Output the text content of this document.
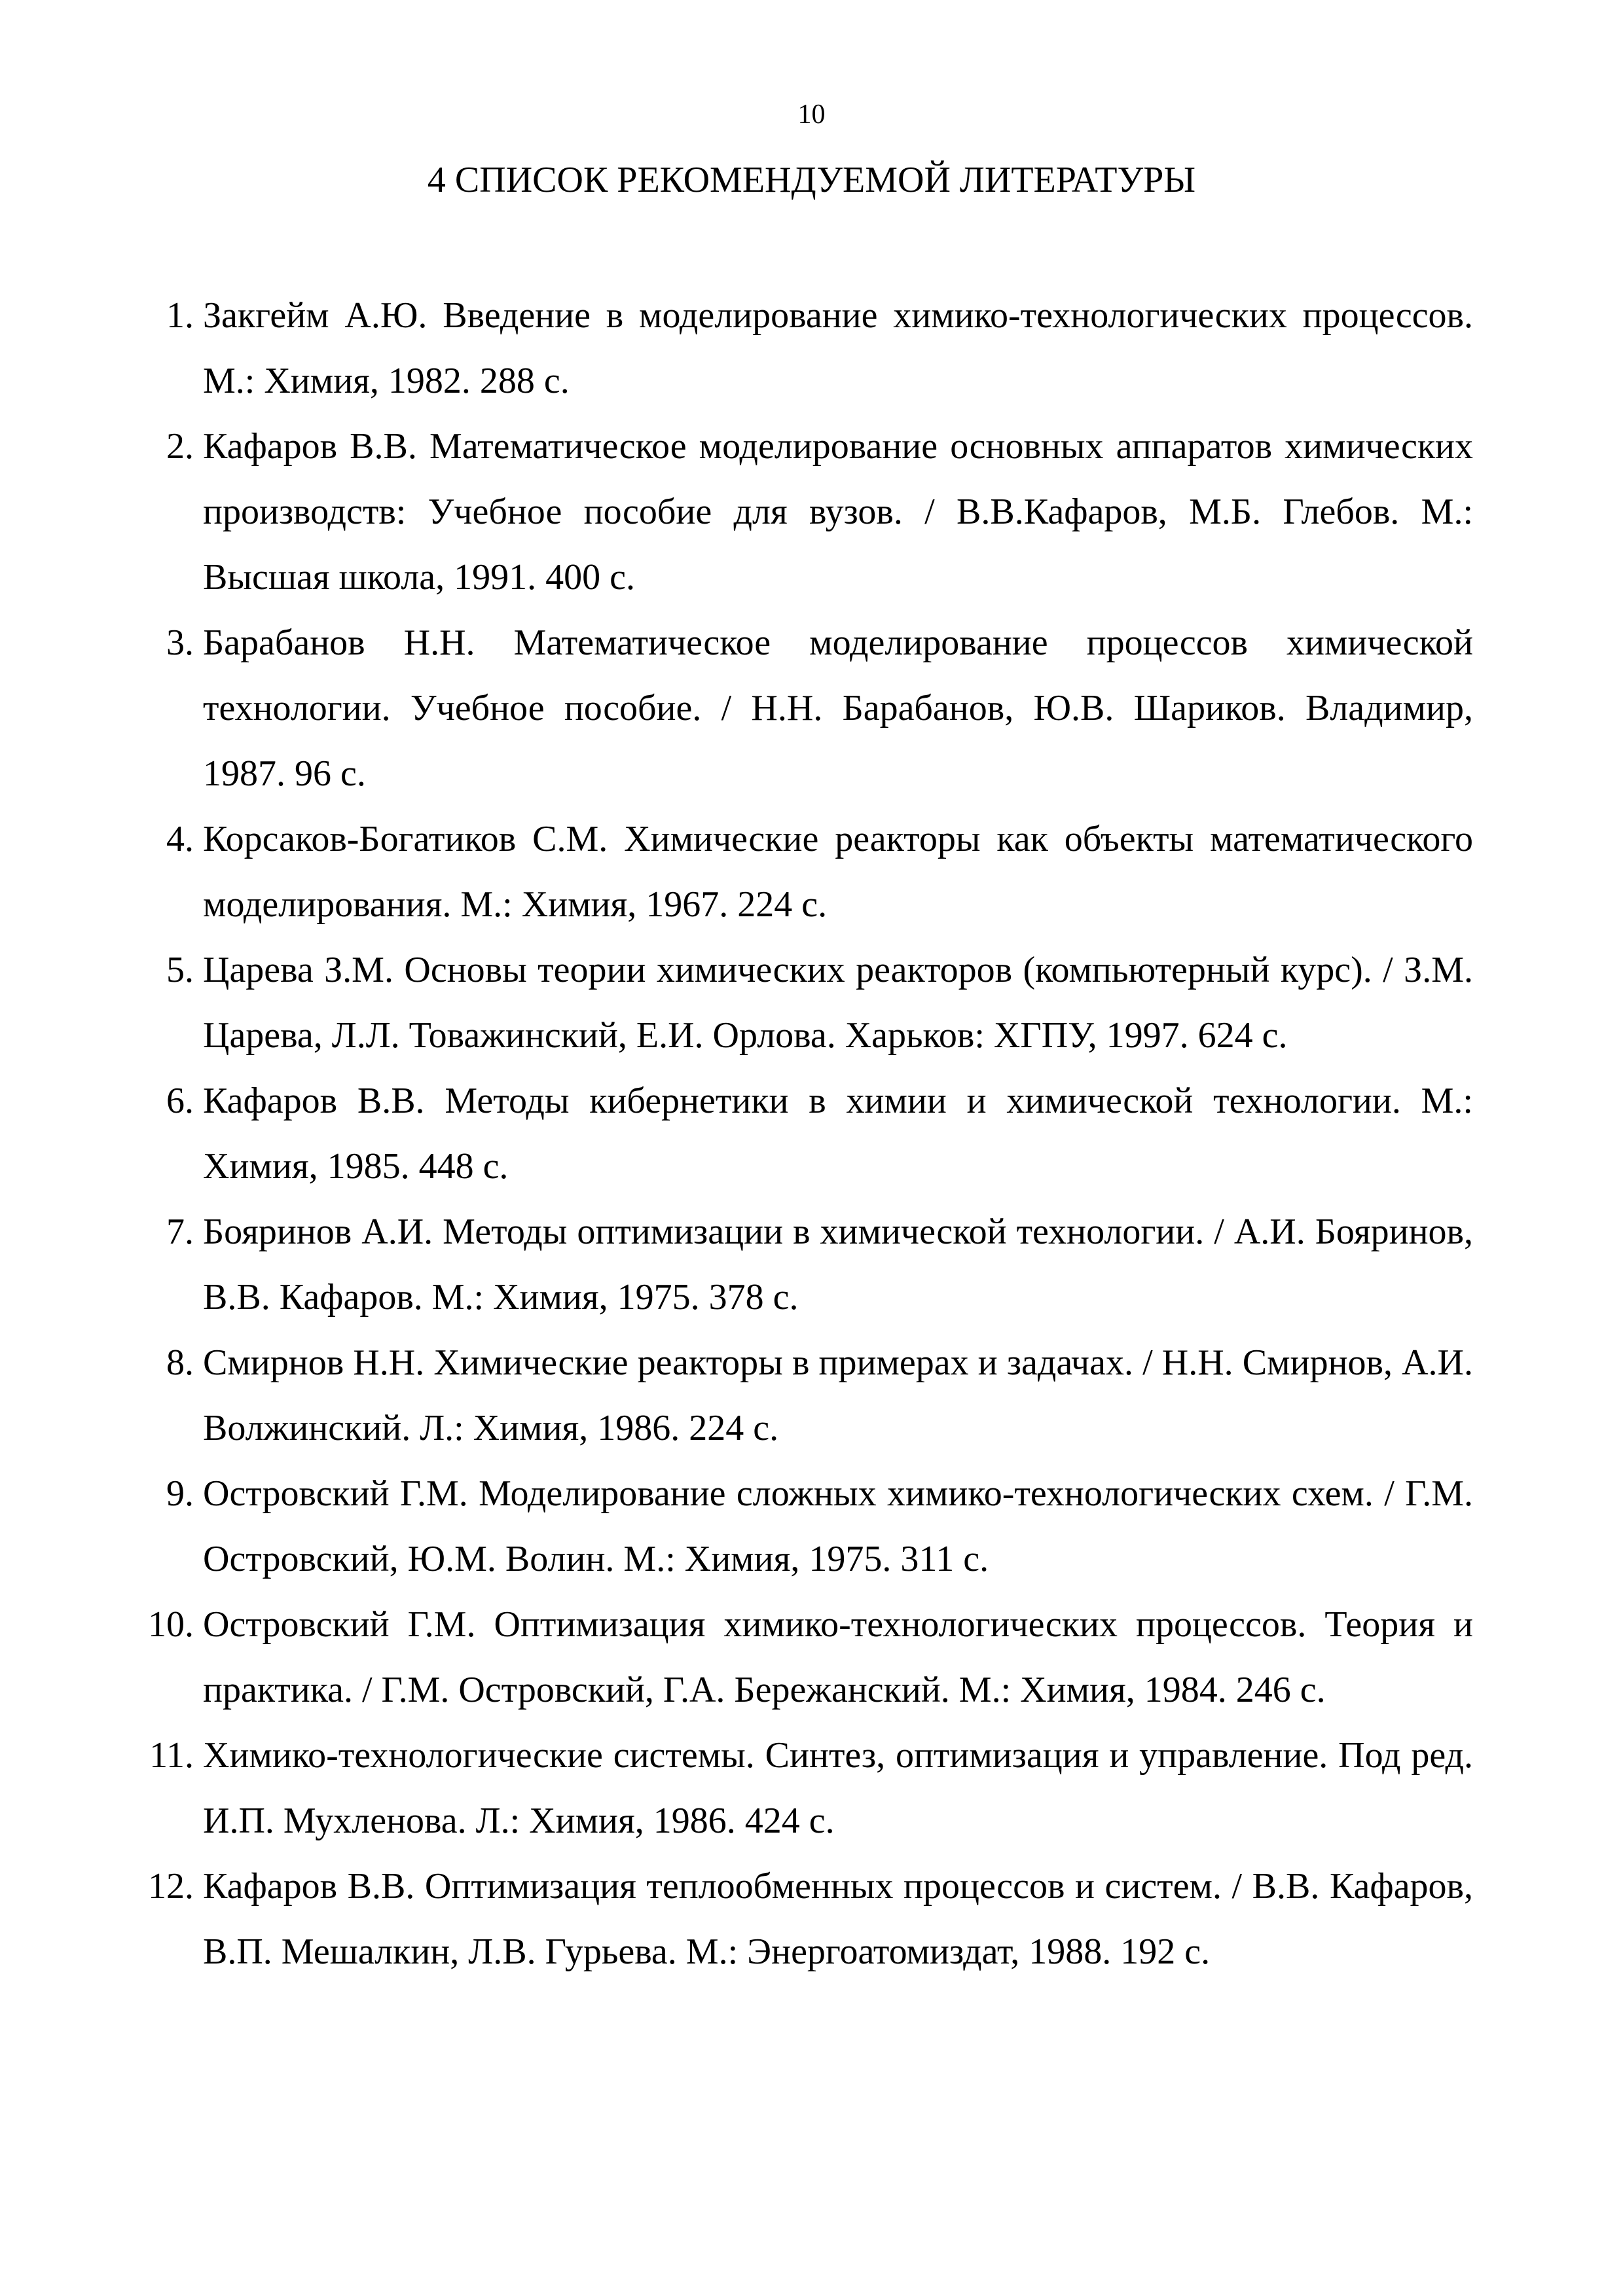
10
4 СПИСОК РЕКОМЕНДУЕМОЙ ЛИТЕРАТУРЫ
1. Закгейм А.Ю. Введение в моделирование химико-технологических процессов. М.: Химия, 1982. 288 с.
2. Кафаров В.В. Математическое моделирование основных аппаратов химических производств: Учебное пособие для вузов. / В.В.Кафаров, М.Б. Глебов. М.: Высшая школа, 1991. 400 с.
3. Барабанов Н.Н. Математическое моделирование процессов химической технологии. Учебное пособие. / Н.Н. Барабанов, Ю.В. Шариков. Владимир, 1987. 96 с.
4. Корсаков-Богатиков С.М. Химические реакторы как объекты математического моделирования. М.: Химия, 1967. 224 с.
5. Царева З.М. Основы теории химических реакторов (компьютерный курс). / З.М. Царева, Л.Л. Товажинский, Е.И. Орлова. Харьков: ХГПУ, 1997. 624 с.
6. Кафаров В.В. Методы кибернетики в химии и химической технологии. М.: Химия, 1985. 448 с.
7. Бояринов А.И. Методы оптимизации в химической технологии. / А.И. Бояринов, В.В. Кафаров. М.: Химия, 1975. 378 с.
8. Смирнов Н.Н. Химические реакторы в примерах и задачах. / Н.Н. Смирнов, А.И. Волжинский. Л.: Химия, 1986. 224 с.
9. Островский Г.М. Моделирование сложных химико-технологических схем. / Г.М. Островский, Ю.М. Волин. М.: Химия, 1975. 311 с.
10. Островский Г.М. Оптимизация химико-технологических процессов. Теория и практика. / Г.М. Островский, Г.А. Бережанский. М.: Химия, 1984. 246 с.
11. Химико-технологические системы. Синтез, оптимизация и управление. Под ред. И.П. Мухленова. Л.: Химия, 1986. 424 с.
12. Кафаров В.В. Оптимизация теплообменных процессов и систем. / В.В. Кафаров, В.П. Мешалкин, Л.В. Гурьева. М.: Энергоатомиздат, 1988. 192 с.
